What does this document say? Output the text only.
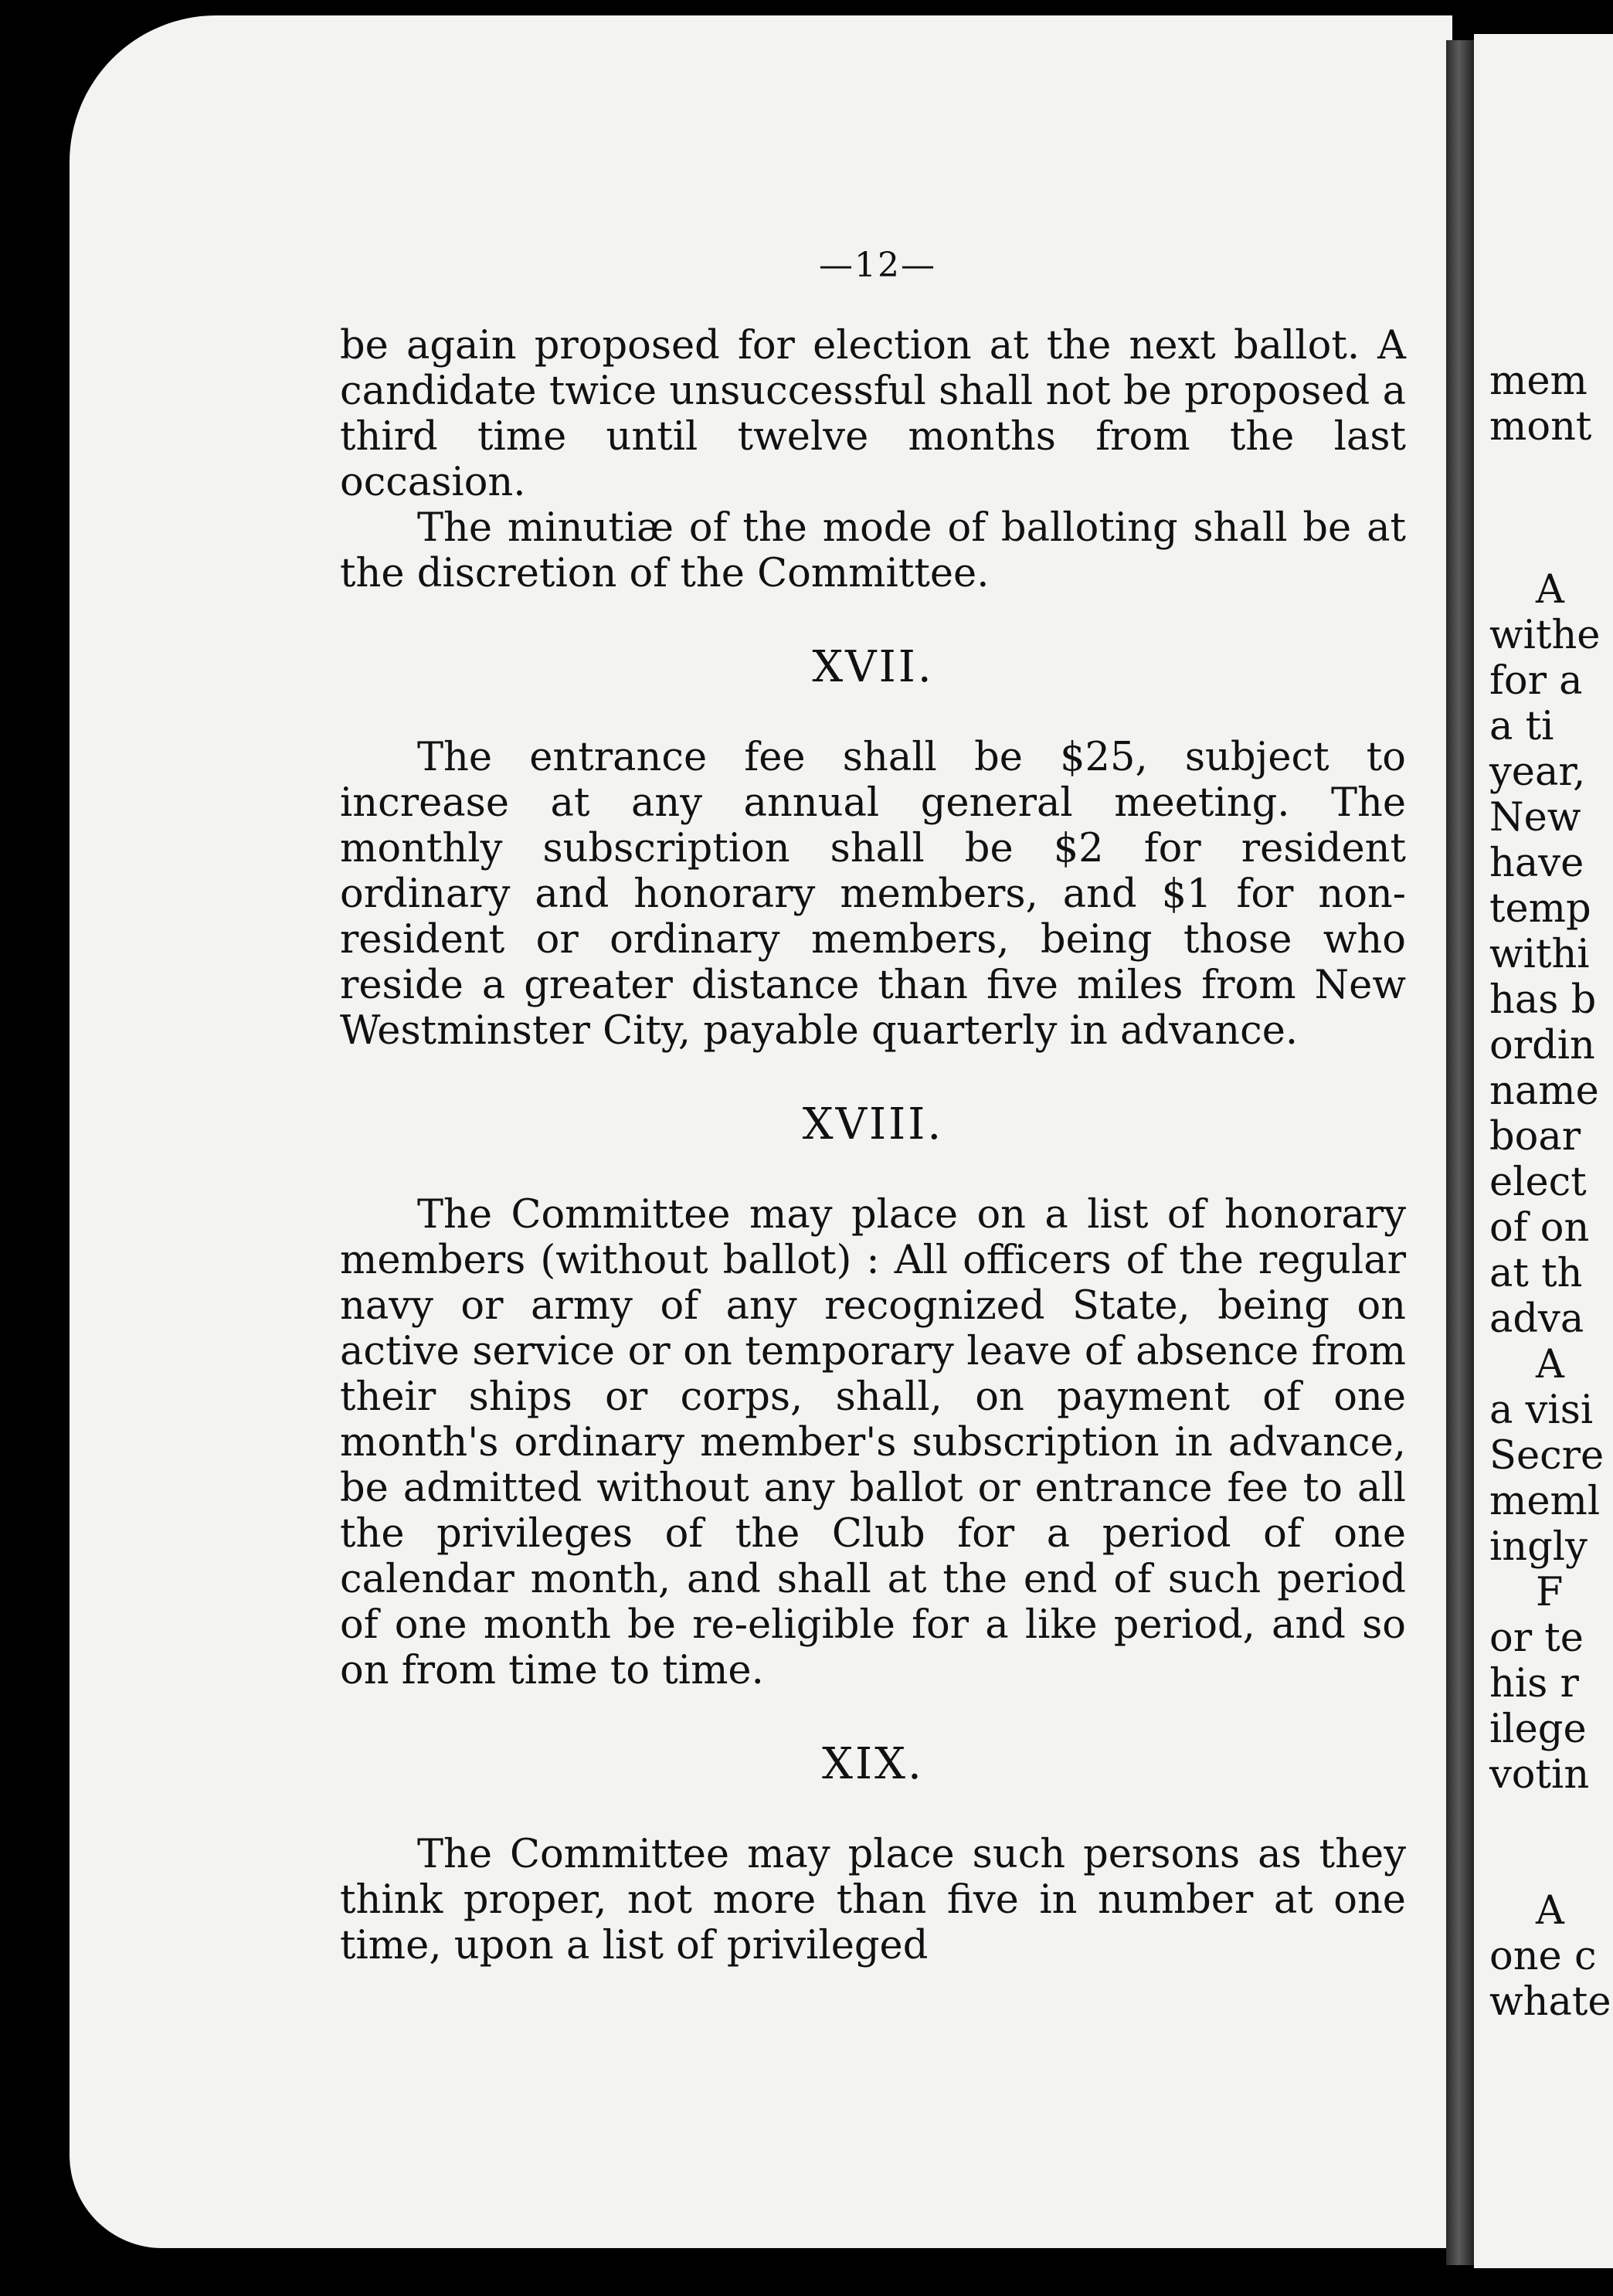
mem
mont
A
withe
for a
a ti
year,
New
have
temp
withi
has b
ordin
name
boar
elect
of on
at th
adva
A
a visi
Secre
meml
ingly
F
or te
his r
ilege
votin
A
one c
whate
—12—

be again proposed for election at the next ballot. A candidate twice unsuccessful shall not be proposed a third time until twelve months from the last occasion.

The minutiæ of the mode of balloting shall be at the discretion of the Committee.

XVII.

The entrance fee shall be $25, subject to increase at any annual general meeting. The monthly subscription shall be $2 for resident ordinary and honorary members, and $1 for non-resident or ordinary members, being those who reside a greater distance than five miles from New Westminster City, payable quarterly in advance.

XVIII.

The Committee may place on a list of honorary members (without ballot) : All officers of the regular navy or army of any recognized State, being on active service or on temporary leave of absence from their ships or corps, shall, on payment of one month's ordinary member's subscription in advance, be admitted without any ballot or entrance fee to all the privileges of the Club for a period of one calendar month, and shall at the end of such period of one month be re-eligible for a like period, and so on from time to time.

XIX.

The Committee may place such persons as they think proper, not more than five in number at one time, upon a list of privileged
